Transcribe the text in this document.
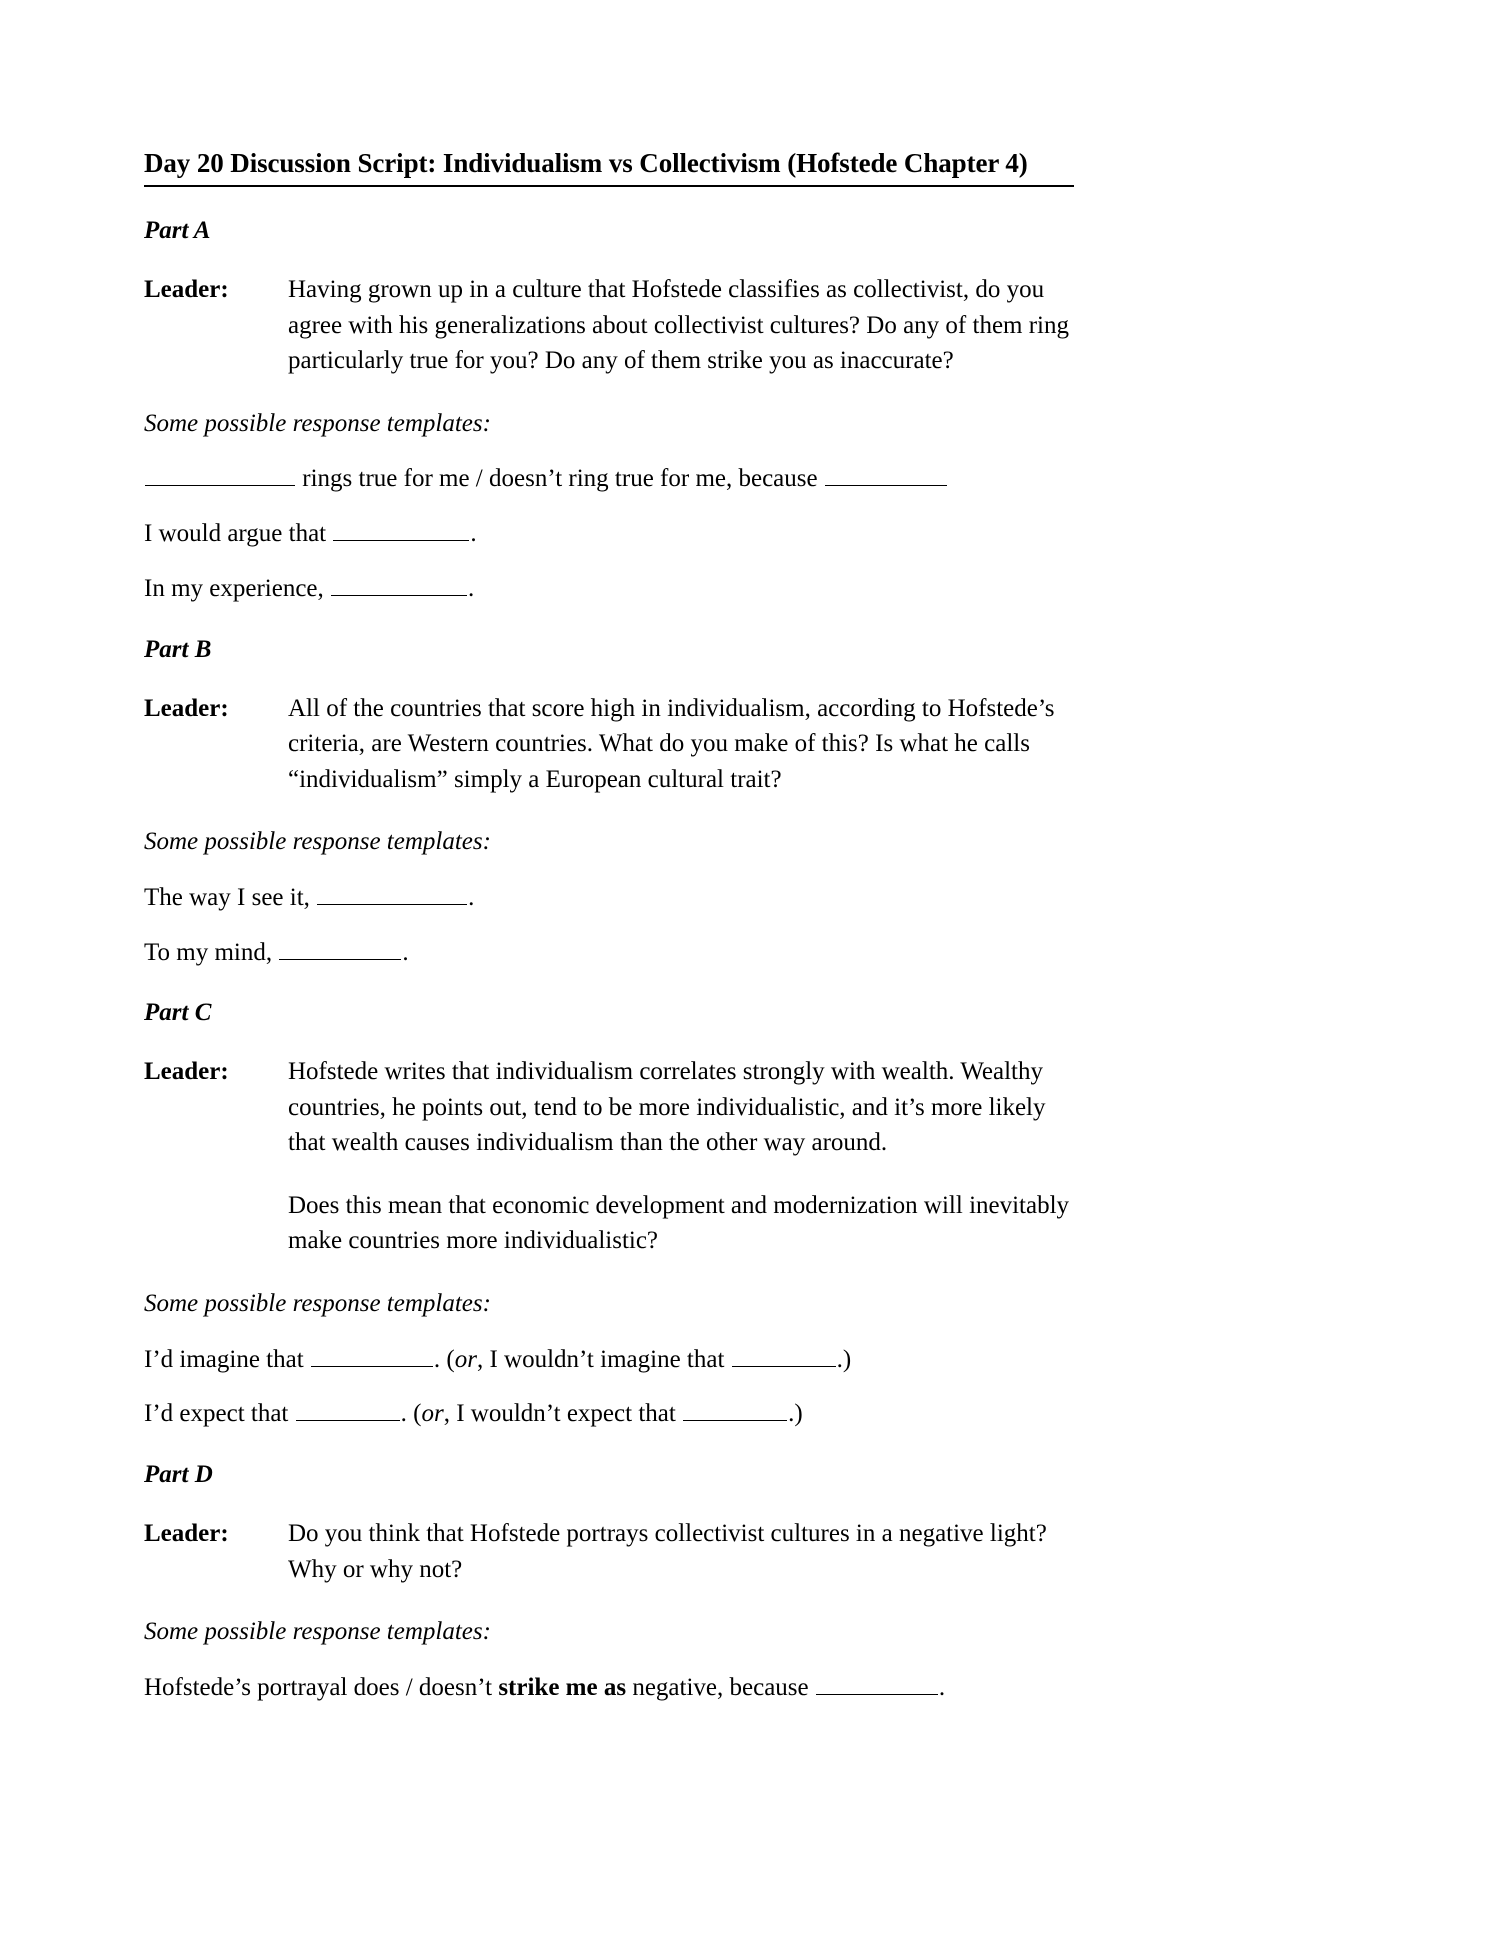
Day 20 Discussion Script: Individualism vs Collectivism (Hofstede Chapter 4)
Part A
Leader:	Having grown up in a culture that Hofstede classifies as collectivist, do you agree with his generalizations about collectivist cultures? Do any of them ring particularly true for you? Do any of them strike you as inaccurate?

Some possible response templates:
rings true for me / doesn’t ring true for me, because
I would argue that	.
In my experience,	.
Part B
Leader:	All of the countries that score high in individualism, according to Hofstede’s criteria, are Western countries. What do you make of this? Is what he calls “individualism” simply a European cultural trait?

Some possible response templates:
The way I see it,	.
To my mind,	.
Part C
Leader:	Hofstede writes that individualism correlates strongly with wealth. Wealthy countries, he points out, tend to be more individualistic, and it’s more likely that wealth causes individualism than the other way around.

Does this mean that economic development and modernization will inevitably make countries more individualistic?

Some possible response templates:
I’d imagine that	. (or, I wouldn’t imagine that	.)
I’d expect that	. (or, I wouldn’t expect that	.)
Part D
Leader:	Do you think that Hofstede portrays collectivist cultures in a negative light? Why or why not?

Some possible response templates:
Hofstede’s portrayal does / doesn’t strike me as negative, because	.
